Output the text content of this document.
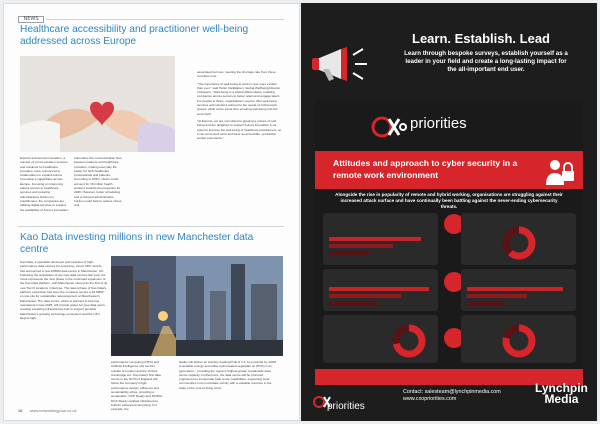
NEWS
Healthcare accessibility and practitioner well-being addressed across Europe

Experts and Aurora Innovation, a number of communication services and solutions for healthcare providers, have announced a collaboration to expand Aurora Innovation's capabilities across Europe. Focusing on improving patient access to healthcare services and reducing administrative burden on practitioners, the companies are utilising digital services to expand the availability of Aurora Innovation.

automates the communication flow between patients and healthcare providers, making everyday life easier for both healthcare professionals and patients. According to WHO, clinics could account for 18 million health workers towards the projection for 2030. However, better scheduling and a reduced administrative burden could help to reduce stress and

associated burnout, meeting the shortage rate from these countries now.

"The importance of well-being at work is now more evident than ever," said Helén Kärkkäinen, Global Wellbeing Director of Experts. "Well-being is a critical differentiator, enabling companies across sectors to better retain and engage talent. For people to thrive, organisations need to offer well-being services and solutions tailored to the needs of critical work groups, while at the same time ensuring well-being into the work itself.

"At Experts, we are committed to growing a culture of well-being and are delighted to support Aurora Innovation in its quest to improve the well-being of healthcare practitioners, so it can do its best work and have an accessible, productive worker experience."

Kao Data investing millions in new Manchester data centre

Kao Data, a specialist developer and operator of high-performance data centres for enterprise, cloud, HPC and AI, has announced a new £350M data centre in Manchester, UK. Following the acquisition of two new data centres last year, the move represents the next phase in the continued expansion of the Kao Data platform, with Manchester named as the first of its new Tier III locations in Europe. The latest phase of Kao Data's platform expansion has seen the company secure a 16.5MW* on-site site for sustainable redevelopment at Manchester's Manchester. The data centre, which is planned to become operational in late 2025, will provide space for new data users, creating a leading infrastructure hub to support possible Manchester's growing technology ecosystem and the UK's largest high-

performance computing (HPC) and Artificial Intelligence (AI) sectors outside of London and the Oxford-Cambridge arc. Kao Data's first data centre in the North of England will follow the company's high-performance design, efficiency and sustainability ethos, providing a sustainable, OCP Ready and NVIDIA DGX Ready certified infrastructure built for advanced computing. For example, the

facility will deliver an industry leading PUE of 1.2, be powered by 100% renewable energy and utilise hydrotreated vegetable oil (HVO) in its generators – providing the region's highest-grade, sustainable data centre capacity. Furthermore, the data centre will be procured engineered to incorporate heat reuse capabilities, supporting local communities in its immediate vicinity with a valuable resource in the wake of the cost-of-living crisis.

16 www.networkingplus.co.uk
Learn. Establish. Lead
Learn through bespoke surveys, establish yourself as a leader in your field and create a long-lasting impact for the all-important end user.
priorities
Attitudes and approach to cyber security in a remote work environment
Alongside the rise in popularity of remote and hybrid working, organisations are struggling against their increased attack surface and have continually been battling against the never-ending cybersecurity threats.
priorities
Contact: salesteam@lynchpinmedia.com
www.cxopriorities.com
Lynchpin
Media
